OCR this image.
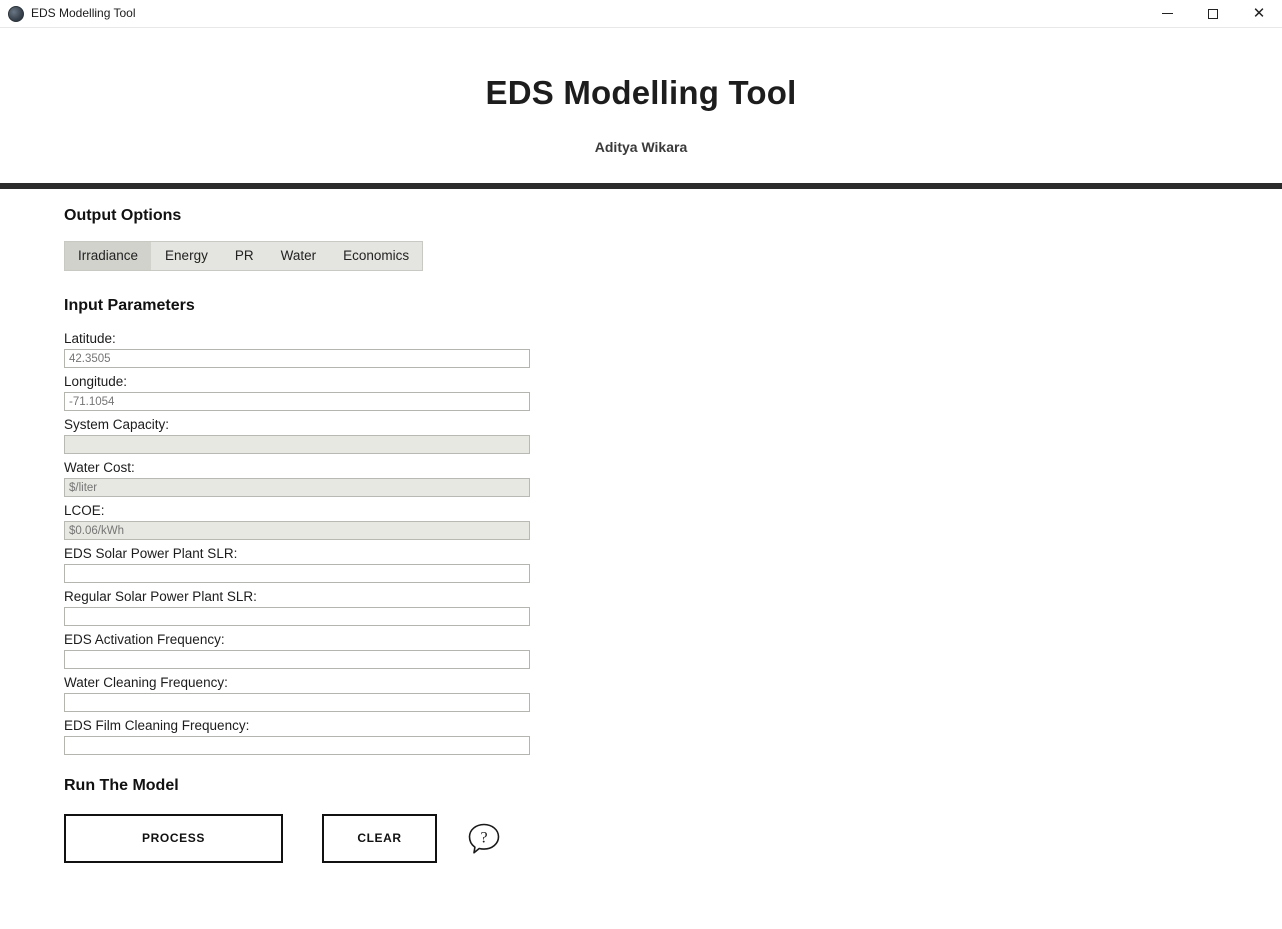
EDS Modelling Tool	✕
EDS Modelling Tool
Aditya Wikara
Output Options
Irradiance	Energy	PR	Water	Economics
Input Parameters
Latitude:
42.3505
Longitude:
-71.1054
System Capacity:
Water Cost:
$/liter
LCOE:
$0.06/kWh
EDS Solar Power Plant SLR:
Regular Solar Power Plant SLR:
EDS Activation Frequency:
Water Cleaning Frequency:
EDS Film Cleaning Frequency:
Run The Model
PROCESS	CLEAR	?
